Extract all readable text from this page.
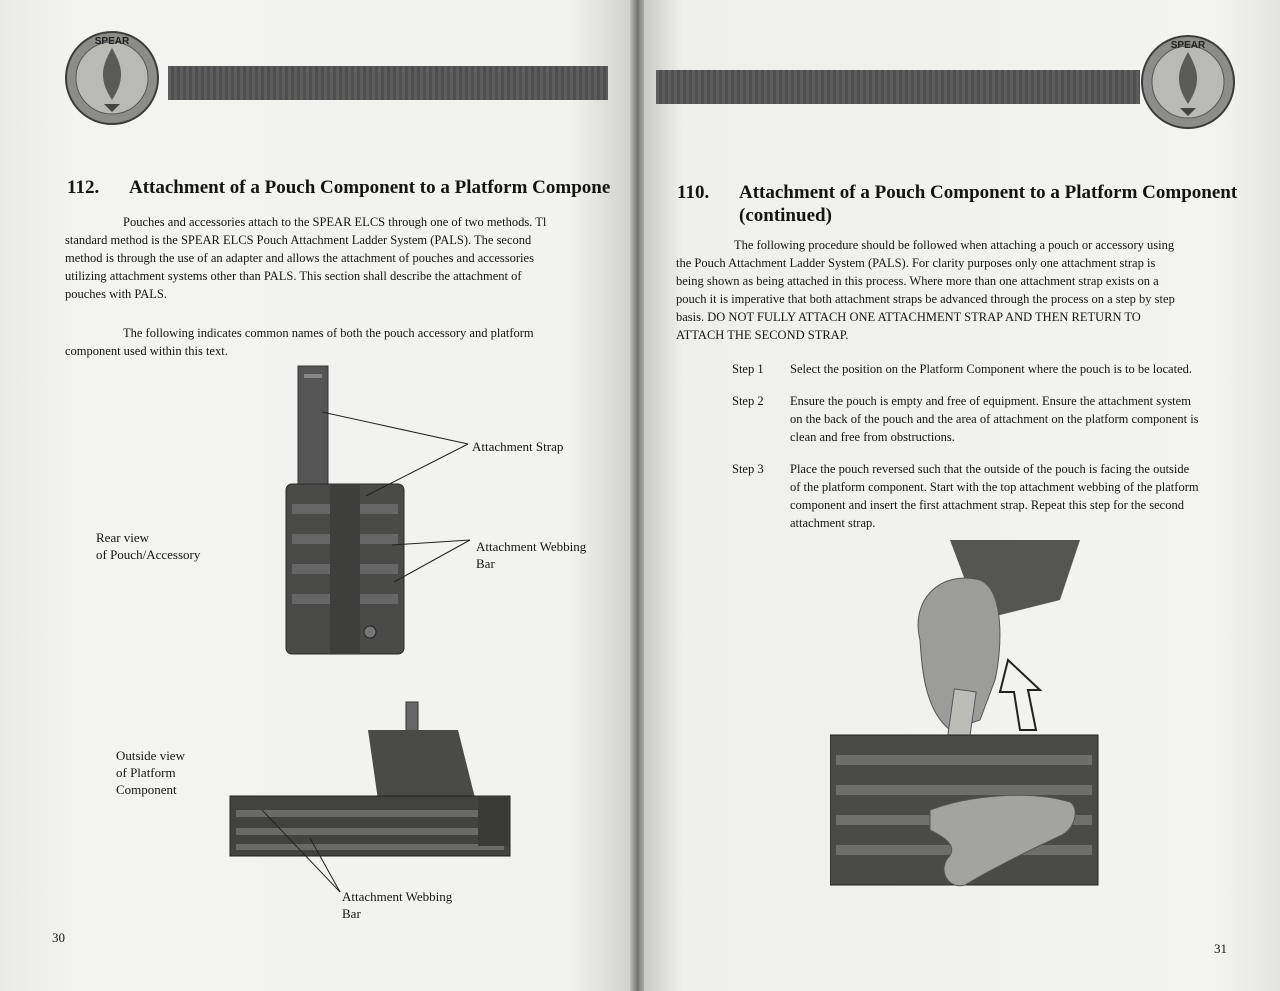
SPEAR
112. Attachment of a Pouch Component to a Platform Compone
Pouches and accessories attach to the SPEAR ELCS through one of two methods. Tl
standard method is the SPEAR ELCS Pouch Attachment Ladder System (PALS). The second
method is through the use of an adapter and allows the attachment of pouches and accessories
utilizing attachment systems other than PALS. This section shall describe the attachment of
pouches with PALS.
The following indicates common names of both the pouch accessory and platform
component used within this text.
Attachment Strap
Rear view
of Pouch/Accessory
Attachment Webbing
Bar
Outside view
of Platform
Component
Attachment Webbing
Bar
30
SPEAR
110. Attachment of a Pouch Component to a Platform Component
(continued)
The following procedure should be followed when attaching a pouch or accessory using
the Pouch Attachment Ladder System (PALS). For clarity purposes only one attachment strap is
being shown as being attached in this process. Where more than one attachment strap exists on a
pouch it is imperative that both attachment straps be advanced through the process on a step by step
basis. DO NOT FULLY ATTACH ONE ATTACHMENT STRAP AND THEN RETURN TO
ATTACH THE SECOND STRAP.
Step 1	Select the position on the Platform Component where the pouch is to be located.
Step 2	Ensure the pouch is empty and free of equipment. Ensure the attachment system on the back of the pouch and the area of attachment on the platform component is clean and free from obstructions.
Step 3	Place the pouch reversed such that the outside of the pouch is facing the outside of the platform component. Start with the top attachment webbing of the platform component and insert the first attachment strap. Repeat this step for the second attachment strap.
31
